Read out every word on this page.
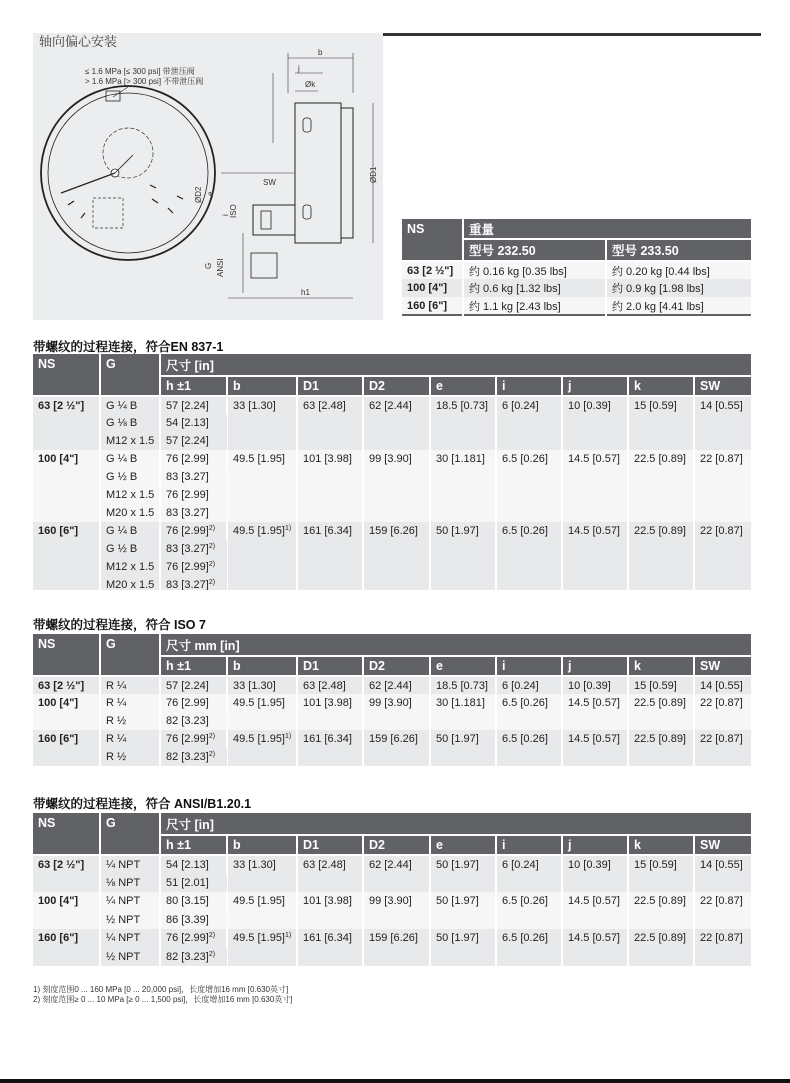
轴向偏心安装
≤ 1.6 MPa [≤ 300 psi] 带泄压阀
> 1.6 MPa [> 300 psi] 不带泄压阀
b
j
Øk
SW	ØD1
ØD2 e
i ISO
G ANSI
h1
NS	重量	
	型号 232.50	型号 233.50
63 [2 ½"]	约 0.16 kg [0.35 lbs]	约 0.20 kg [0.44 lbs]
100 [4"]	约 0.6 kg [1.32 lbs]	约 0.9 kg [1.98 lbs]
160 [6"]	约 1.1 kg [2.43 lbs]	约 2.0 kg [4.41 lbs]
带螺纹的过程连接，符合EN 837-1
NS	G	尺寸 [in]								
		h ±1	b	D1	D2	e	i	j	k	SW
63 [2 ½"]	G ¼ B	57 [2.24]	33 [1.30]	63 [2.48]	62 [2.44]	18.5 [0.73]	6 [0.24]	10 [0.39]	15 [0.59]	14 [0.55]
	G ⅛ B	54 [2.13]								
	M12 x 1.5	57 [2.24]								
100 [4"]	G ¼ B	76 [2.99]	49.5 [1.95]	101 [3.98]	99 [3.90]	30 [1.181]	6.5 [0.26]	14.5 [0.57]	22.5 [0.89]	22 [0.87]
	G ½ B	83 [3.27]								
	M12 x 1.5	76 [2.99]								
	M20 x 1.5	83 [3.27]								
160 [6"]	G ¼ B	76 $[2.99]^{2)}$	49.5 $[1.95]^{1)}$	161 [6.34]	159 [6.26]	50 [1.97]	6.5 [0.26]	14.5 [0.57]	22.5 [0.89]	22 [0.87]
	G ½ B	83 $[3.27]^{2)}$
	M12 x 1.5	76 $[2.99]^{2)}$
	M20 x 1.5	83 $[3.27]^{2)}$
带螺纹的过程连接，符合 ISO 7
NS	G	尺寸 mm [in]								
		h ±1	b	D1	D2	e	i	j	k	SW
63 [2 ½"]	R ¼	57 [2.24]	33 [1.30]	63 [2.48]	62 [2.44]	18.5 [0.73]	6 [0.24]	10 [0.39]	15 [0.59]	14 [0.55]
100 [4"]	R ¼	76 [2.99]	49.5 [1.95]	101 [3.98]	99 [3.90]	30 [1.181]	6.5 [0.26]	14.5 [0.57]	22.5 [0.89]	22 [0.87]
	R ½	82 [3.23]								
160 [6"]	R ¼	76 $[2.99]^{2)}$	49.5 $[1.95]^{1)}$	161 [6.34]	159 [6.26]	50 [1.97]	6.5 [0.26]	14.5 [0.57]	22.5 [0.89]	22 [0.87]
	R ½	82 $[3.23]^{2)}$
带螺纹的过程连接，符合 ANSI/B1.20.1
NS	G	尺寸 [in]								
		h ±1	b	D1	D2	e	i	j	k	SW
63 [2 ½"]	¼ NPT	54 [2.13]	33 [1.30]	63 [2.48]	62 [2.44]	50 [1.97]	6 [0.24]	10 [0.39]	15 [0.59]	14 [0.55]
	⅛ NPT	51 [2.01]								
100 [4"]	¼ NPT	80 [3.15]	49.5 [1.95]	101 [3.98]	99 [3.90]	50 [1.97]	6.5 [0.26]	14.5 [0.57]	22.5 [0.89]	22 [0.87]
	½ NPT	86 [3.39]								
160 [6"]	¼ NPT	76 $[2.99]^{2)}$	49.5 $[1.95]^{1)}$	161 [6.34]	159 [6.26]	50 [1.97]	6.5 [0.26]	14.5 [0.57]	22.5 [0.89]	22 [0.87]
	½ NPT	82 $[3.23]^{2)}$
1) 刻度范围0 ... 160 MPa [0 ... 20,000 psi]，长度增加16 mm [0.630英寸]
2) 刻度范围≥ 0 ... 10 MPa [≥ 0 ... 1,500 psi]，长度增加16 mm [0.630英寸]
